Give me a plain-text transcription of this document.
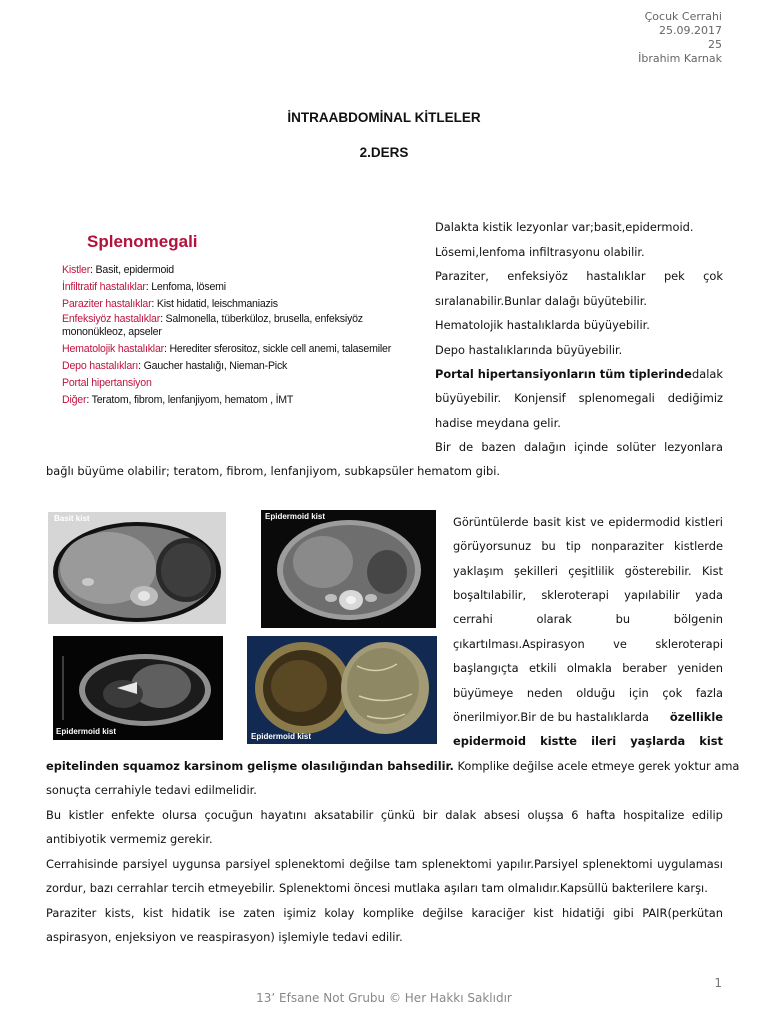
Çocuk Cerrahi
25.09.2017
25
İbrahim Karnak
İNTRAABDOMİNAL KİTLELER
2.DERS
Splenomegali
Kistler: Basit, epidermoid
İnfiltratif hastalıklar: Lenfoma, lösemi
Paraziter hastalıklar: Kist hidatid, leischmaniazis
Enfeksiyöz hastalıklar: Salmonella, tüberküloz, brusella, enfeksiyöz
mononükleoz, apseler
Hematolojik hastalıklar: Herediter sferositoz, sickle cell anemi, talasemiler
Depo hastalıkları: Gaucher hastalığı, Nieman-Pick
Portal hipertansiyon
Diğer: Teratom, fibrom, lenfanjiyom, hematom , İMT
Dalakta kistik lezyonlar var;basit,epidermoid.
Lösemi,lenfoma infiltrasyonu olabilir.
Paraziter, enfeksiyöz hastalıklar pek çok
sıralanabilir.Bunlar dalağı büyütebilir.
Hematolojik hastalıklarda büyüyebilir.
Depo hastalıklarında büyüyebilir.
Portal hipertansiyonların tüm tiplerinde dalak
büyüyebilir. Konjensif splenomegali dediğimiz
hadise meydana gelir.
Bir de bazen dalağın içinde solüter lezyonlara
bağlı büyüme olabilir; teratom, fibrom, lenfanjiyom, subkapsüler hematom gibi.
Basit kist	Epidermoid kist
Epidermoid kist
Epidermoid kist
Görüntülerde basit kist ve epidermodid kistleri
görüyorsunuz bu tip nonparaziter kistlerde
yaklaşım şekilleri çeşitlilik gösterebilir. Kist
boşaltılabilir, skleroterapi yapılabilir yada
cerrahi	olarak	bu	bölgenin
çıkartılması.Aspirasyon ve skleroterapi
başlangıçta etkili olmakla beraber yeniden
büyümeye neden olduğu için çok fazla
önerilmiyor.Bir de bu hastalıklarda özellikle
epidermoid kistte ileri yaşlarda kist
epitelinden squamoz karsinom gelişme olasılığından bahsedilir. Komplike değilse acele etmeye gerek yoktur ama
sonuçta cerrahiyle tedavi edilmelidir.
Bu kistler enfekte olursa çocuğun hayatını aksatabilir çünkü bir dalak absesi oluşsa 6 hafta hospitalize edilip
antibiyotik vermemiz gerekir.
Cerrahisinde parsiyel uygunsa parsiyel splenektomi değilse tam splenektomi yapılır.Parsiyel splenektomi uygulaması
zordur, bazı cerrahlar tercih etmeyebilir. Splenektomi öncesi mutlaka aşıları tam olmalıdır.Kapsüllü bakterilere karşı.
Paraziter kists, kist hidatik ise zaten işimiz kolay komplike değilse karaciğer kist hidatiği gibi PAIR(perkütan
aspirasyon, enjeksiyon ve reaspirasyon) işlemiyle tedavi edilir.
1
13’ Efsane Not Grubu © Her Hakkı Saklıdır
